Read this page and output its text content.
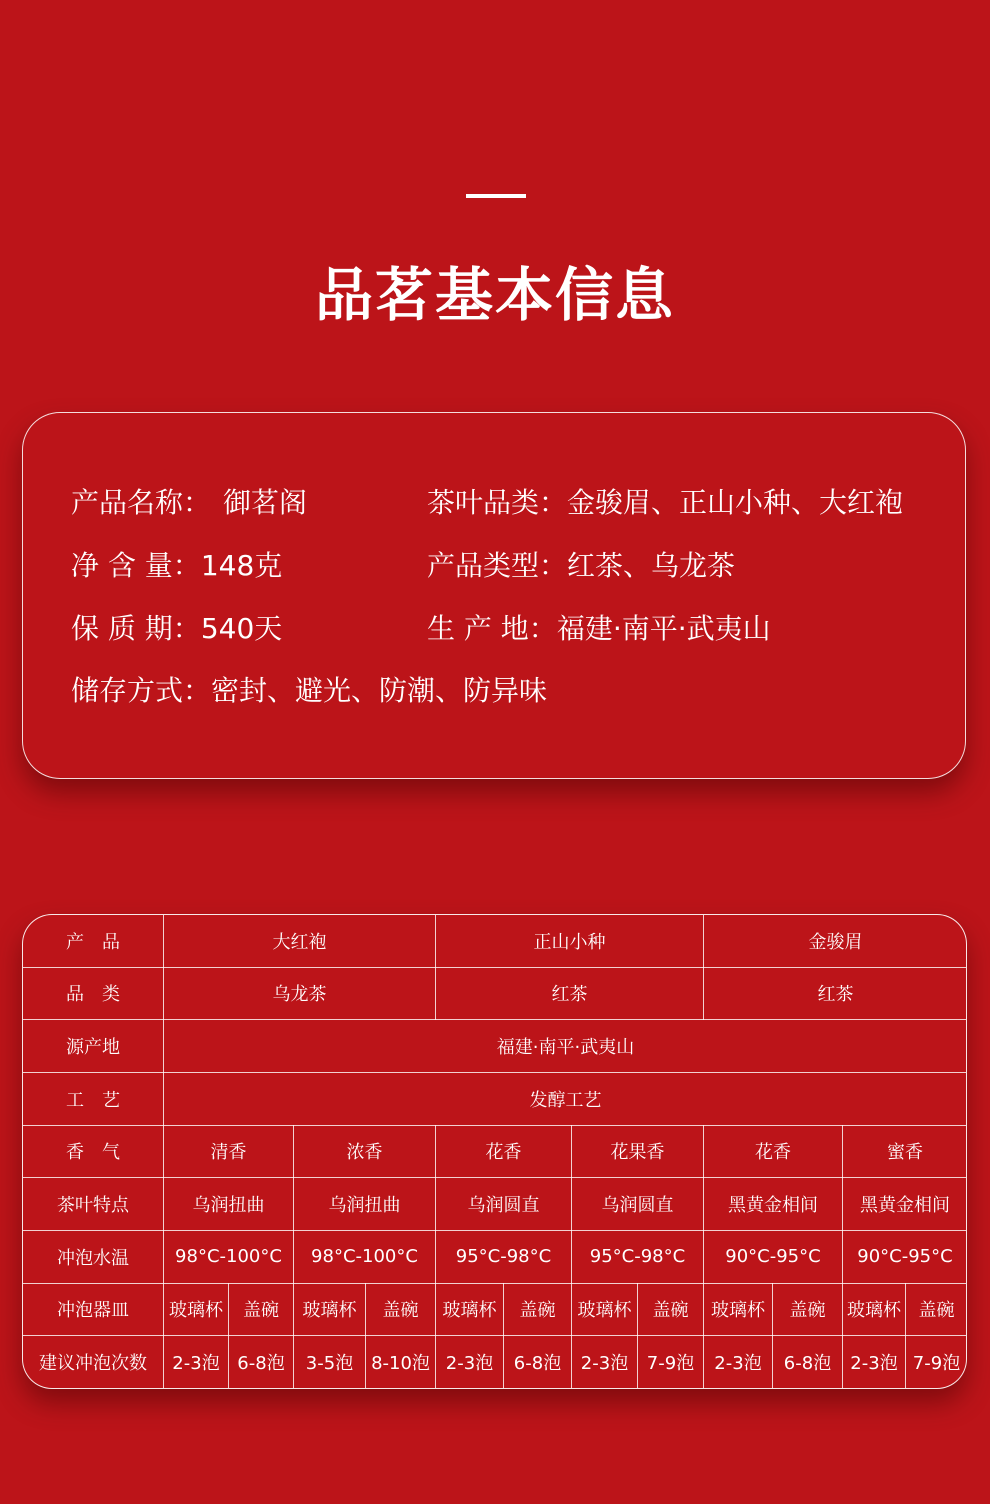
品茗基本信息
产品名称： 御茗阁	茶叶品类： 金骏眉、正山小种、大红袍
净 含 量： 148克	产品类型： 红茶、乌龙茶
保 质 期： 540天	生 产 地： 福建·南平·武夷山
储存方式： 密封、避光、防潮、防异味
产　品	大红袍				正山小种				金骏眉			
品　类	乌龙茶				红茶				红茶			
源产地	福建·南平·武夷山											
工　艺	发醇工艺											
香　气	清香		浓香		花香		花果香		花香		蜜香	
茶叶特点	乌润扭曲		乌润扭曲		乌润圆直		乌润圆直		黑黄金相间		黑黄金相间	
冲泡水温	98°C-100°C		98°C-100°C		95°C-98°C		95°C-98°C		90°C-95°C		90°C-95°C	
冲泡器皿	玻璃杯	盖碗	玻璃杯	盖碗	玻璃杯	盖碗	玻璃杯	盖碗	玻璃杯	盖碗	玻璃杯	盖碗
建议冲泡次数	2-3泡	6-8泡	3-5泡	8-10泡	2-3泡	6-8泡	2-3泡	7-9泡	2-3泡	6-8泡	2-3泡	7-9泡
